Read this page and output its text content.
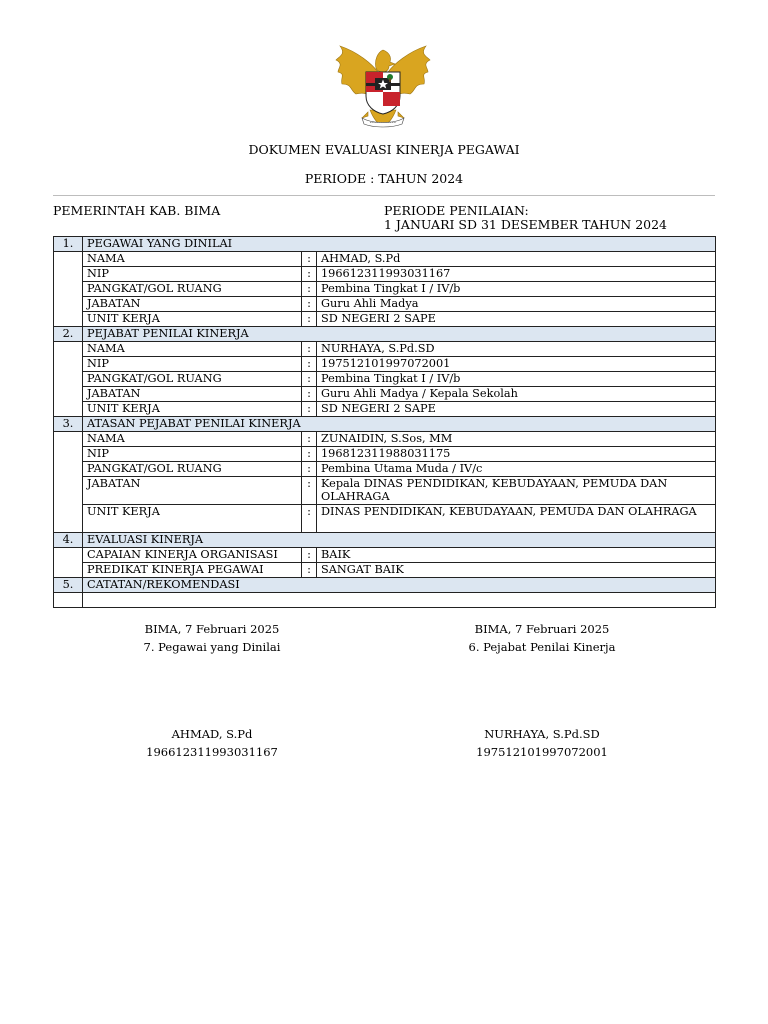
DOKUMEN EVALUASI KINERJA PEGAWAI
PERIODE : TAHUN 2024
PEMERINTAH KAB. BIMA	PERIODE PENILAIAN:
1 JANUARI SD 31 DESEMBER TAHUN 2024
1.	PEGAWAI YANG DINILAI		
	NAMA	:	AHMAD, S.Pd
	NIP	:	196612311993031167
	PANGKAT/GOL RUANG	:	Pembina Tingkat I / IV/b
	JABATAN	:	Guru Ahli Madya
	UNIT KERJA	:	SD NEGERI 2 SAPE
2.	PEJABAT PENILAI KINERJA		
	NAMA	:	NURHAYA, S.Pd.SD
	NIP	:	197512101997072001
	PANGKAT/GOL RUANG	:	Pembina Tingkat I / IV/b
	JABATAN	:	Guru Ahli Madya / Kepala Sekolah
	UNIT KERJA	:	SD NEGERI 2 SAPE
3.	ATASAN PEJABAT PENILAI KINERJA		
	NAMA	:	ZUNAIDIN, S.Sos, MM
	NIP	:	196812311988031175
	PANGKAT/GOL RUANG	:	Pembina Utama Muda / IV/c
	JABATAN	:	Kepala DINAS PENDIDIKAN, KEBUDAYAAN, PEMUDA DAN OLAHRAGA
	UNIT KERJA	:	DINAS PENDIDIKAN, KEBUDAYAAN, PEMUDA DAN OLAHRAGA
4.	EVALUASI KINERJA		
	CAPAIAN KINERJA ORGANISASI	:	BAIK
	PREDIKAT KINERJA PEGAWAI	:	SANGAT BAIK
5.	CATATAN/REKOMENDASI		

BIMA, 7 Februari 2025
7. Pegawai yang Dinilai
BIMA, 7 Februari 2025
6. Pejabat Penilai Kinerja
AHMAD, S.Pd
196612311993031167
NURHAYA, S.Pd.SD
197512101997072001
